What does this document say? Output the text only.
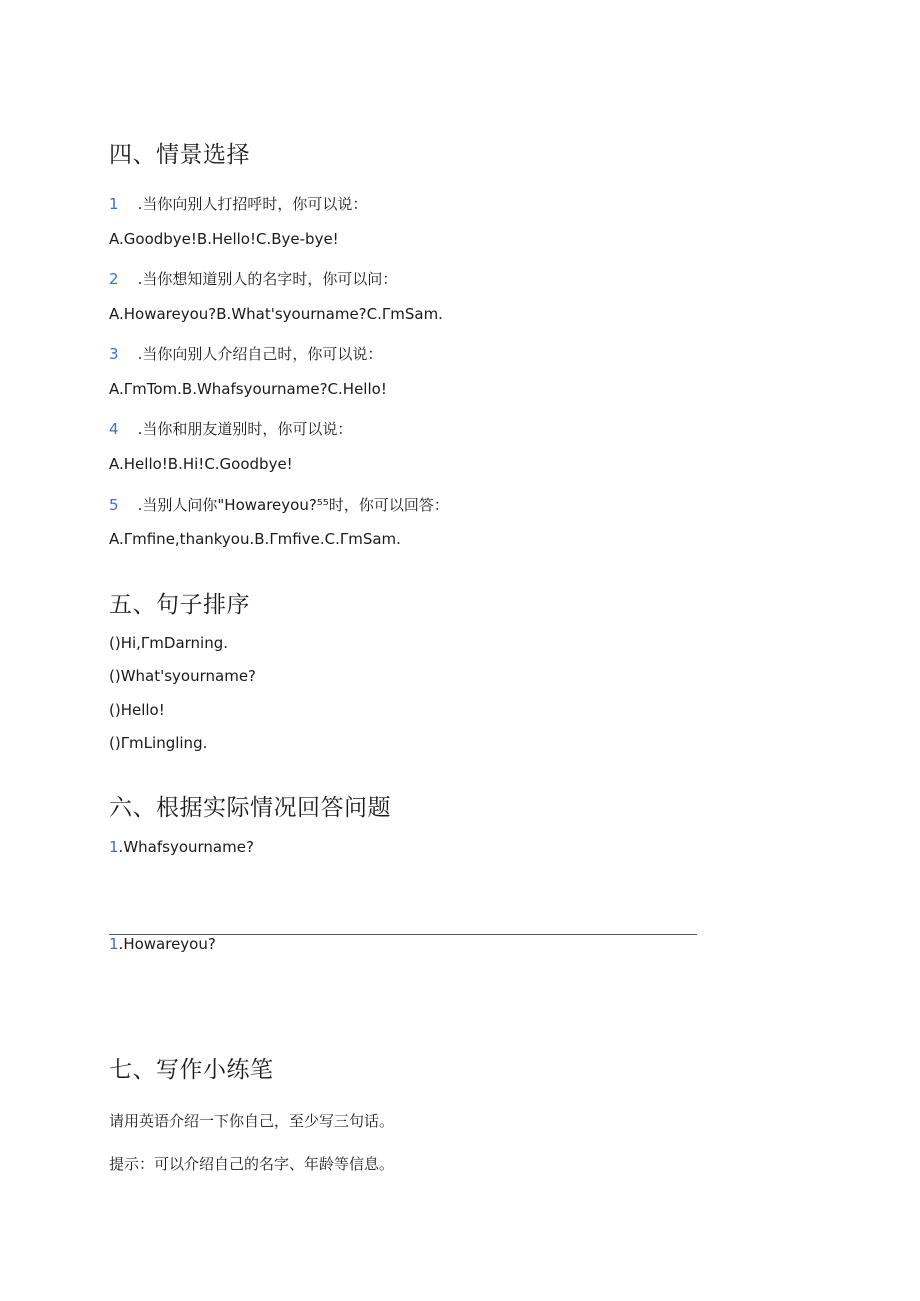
四、情景选择
1 .当你向别人打招呼时，你可以说：
A.Goodbye!B.Hello!C.Bye-bye!
2 .当你想知道别人的名字时，你可以问：
A.Howareyou?B.What'syourname?C.ΓmSam.
3 .当你向别人介绍自己时，你可以说：
A.ΓmTom.B.Whafsyourname?C.Hello!
4 .当你和朋友道别时，你可以说：
A.Hello!B.Hi!C.Goodbye!
5 .当别人问你"Howareyou?⁵⁵时，你可以回答：
A.Γmfine,thankyou.B.Γmfive.C.ΓmSam.
五、句子排序
()Hi,ΓmDarning.
()What'syourname?
()Hello!
()ΓmLingling.
六、根据实际情况回答问题
1.Whafsyourname?
1.Howareyou?
七、写作小练笔
请用英语介绍一下你自己，至少写三句话。
提示：可以介绍自己的名字、年龄等信息。
